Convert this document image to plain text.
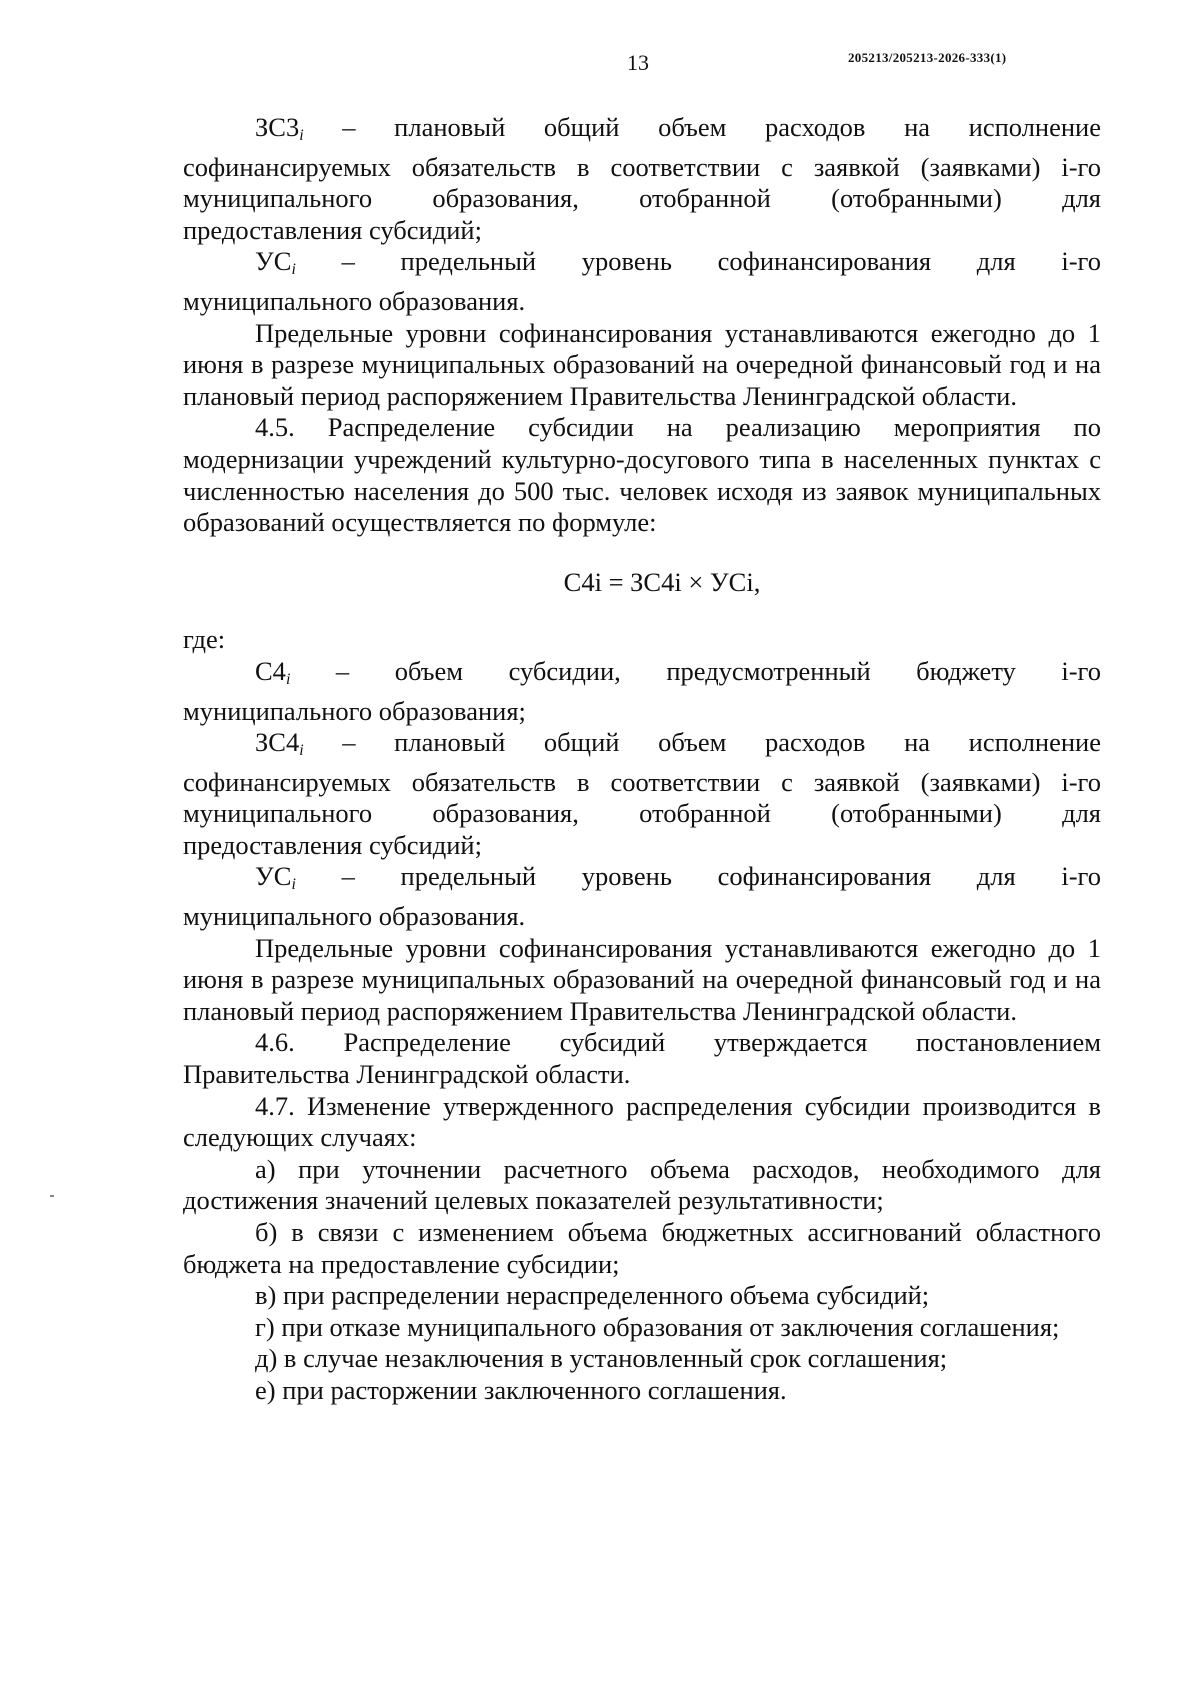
13	205213/205213-2026-333(1)

$ЗС3_i$ – плановый общий объем расходов на исполнение

софинансируемых обязательств в соответствии с заявкой (заявками) i-го

муниципального образования, отобранной (отобранными) для

предоставления субсидий;

$УС_i$ – предельный уровень софинансирования для i-го

муниципального образования.

Предельные уровни софинансирования устанавливаются ежегодно до 1 июня в разрезе муниципальных образований на очередной финансовый год и на плановый период распоряжением Правительства Ленинградской области.

4.5. Распределение субсидии на реализацию мероприятия по модернизации учреждений культурно-досугового типа в населенных пунктах с численностью населения до 500 тыс. человек исходя из заявок муниципальных образований осуществляется по формуле:

С4i = ЗС4i × УСi,

где:

$С4_i$ – объем субсидии, предусмотренный бюджету i-го

муниципального образования;

$ЗС4_i$ – плановый общий объем расходов на исполнение

софинансируемых обязательств в соответствии с заявкой (заявками) i-го

муниципального образования, отобранной (отобранными) для

предоставления субсидий;

$УС_i$ – предельный уровень софинансирования для i-го

муниципального образования.

Предельные уровни софинансирования устанавливаются ежегодно до 1 июня в разрезе муниципальных образований на очередной финансовый год и на плановый период распоряжением Правительства Ленинградской области.

4.6. Распределение субсидий утверждается постановлением Правительства Ленинградской области.

4.7. Изменение утвержденного распределения субсидии производится в следующих случаях:

а) при уточнении расчетного объема расходов, необходимого для достижения значений целевых показателей результативности;

б) в связи с изменением объема бюджетных ассигнований областного бюджета на предоставление субсидии;

в) при распределении нераспределенного объема субсидий;

г) при отказе муниципального образования от заключения соглашения;

д) в случае незаключения в установленный срок соглашения;

е) при расторжении заключенного соглашения.
